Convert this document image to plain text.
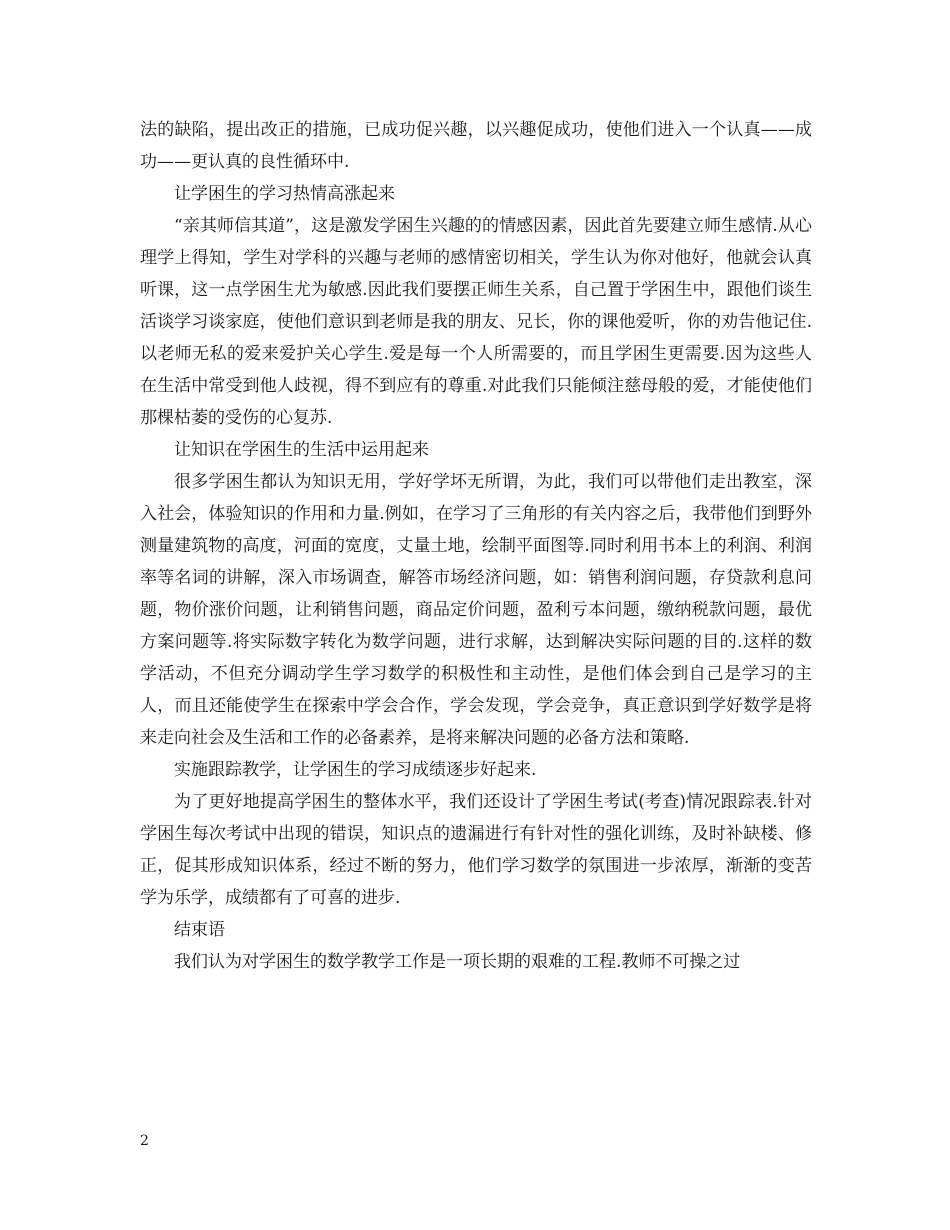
法的缺陷，提出改正的措施，已成功促兴趣，以兴趣促成功，使他们进入一个认真——成功——更认真的良性循环中.

让学困生的学习热情高涨起来

“亲其师信其道”，这是激发学困生兴趣的的情感因素，因此首先要建立师生感情.从心理学上得知，学生对学科的兴趣与老师的感情密切相关，学生认为你对他好，他就会认真听课，这一点学困生尤为敏感.因此我们要摆正师生关系，自己置于学困生中，跟他们谈生活谈学习谈家庭，使他们意识到老师是我的朋友、兄长，你的课他爱听，你的劝告他记住.以老师无私的爱来爱护关心学生.爱是每一个人所需要的，而且学困生更需要.因为这些人在生活中常受到他人歧视，得不到应有的尊重.对此我们只能倾注慈母般的爱，才能使他们那棵枯萎的受伤的心复苏.

让知识在学困生的生活中运用起来

很多学困生都认为知识无用，学好学坏无所谓，为此，我们可以带他们走出教室，深入社会，体验知识的作用和力量.例如，在学习了三角形的有关内容之后，我带他们到野外测量建筑物的高度，河面的宽度，丈量土地，绘制平面图等.同时利用书本上的利润、利润率等名词的讲解，深入市场调查，解答市场经济问题，如：销售利润问题，存贷款利息问题，物价涨价问题，让利销售问题，商品定价问题，盈利亏本问题，缴纳税款问题，最优方案问题等.将实际数字转化为数学问题，进行求解，达到解决实际问题的目的.这样的数学活动，不但充分调动学生学习数学的积极性和主动性，是他们体会到自己是学习的主人，而且还能使学生在探索中学会合作，学会发现，学会竞争，真正意识到学好数学是将来走向社会及生活和工作的必备素养，是将来解决问题的必备方法和策略.

实施跟踪教学，让学困生的学习成绩逐步好起来.

为了更好地提高学困生的整体水平，我们还设计了学困生考试(考查)情况跟踪表.针对学困生每次考试中出现的错误，知识点的遗漏进行有针对性的强化训练，及时补缺楼、修正，促其形成知识体系，经过不断的努力，他们学习数学的氛围进一步浓厚，渐渐的变苦学为乐学，成绩都有了可喜的进步.

结束语

我们认为对学困生的数学教学工作是一项长期的艰难的工程.教师不可操之过

2
